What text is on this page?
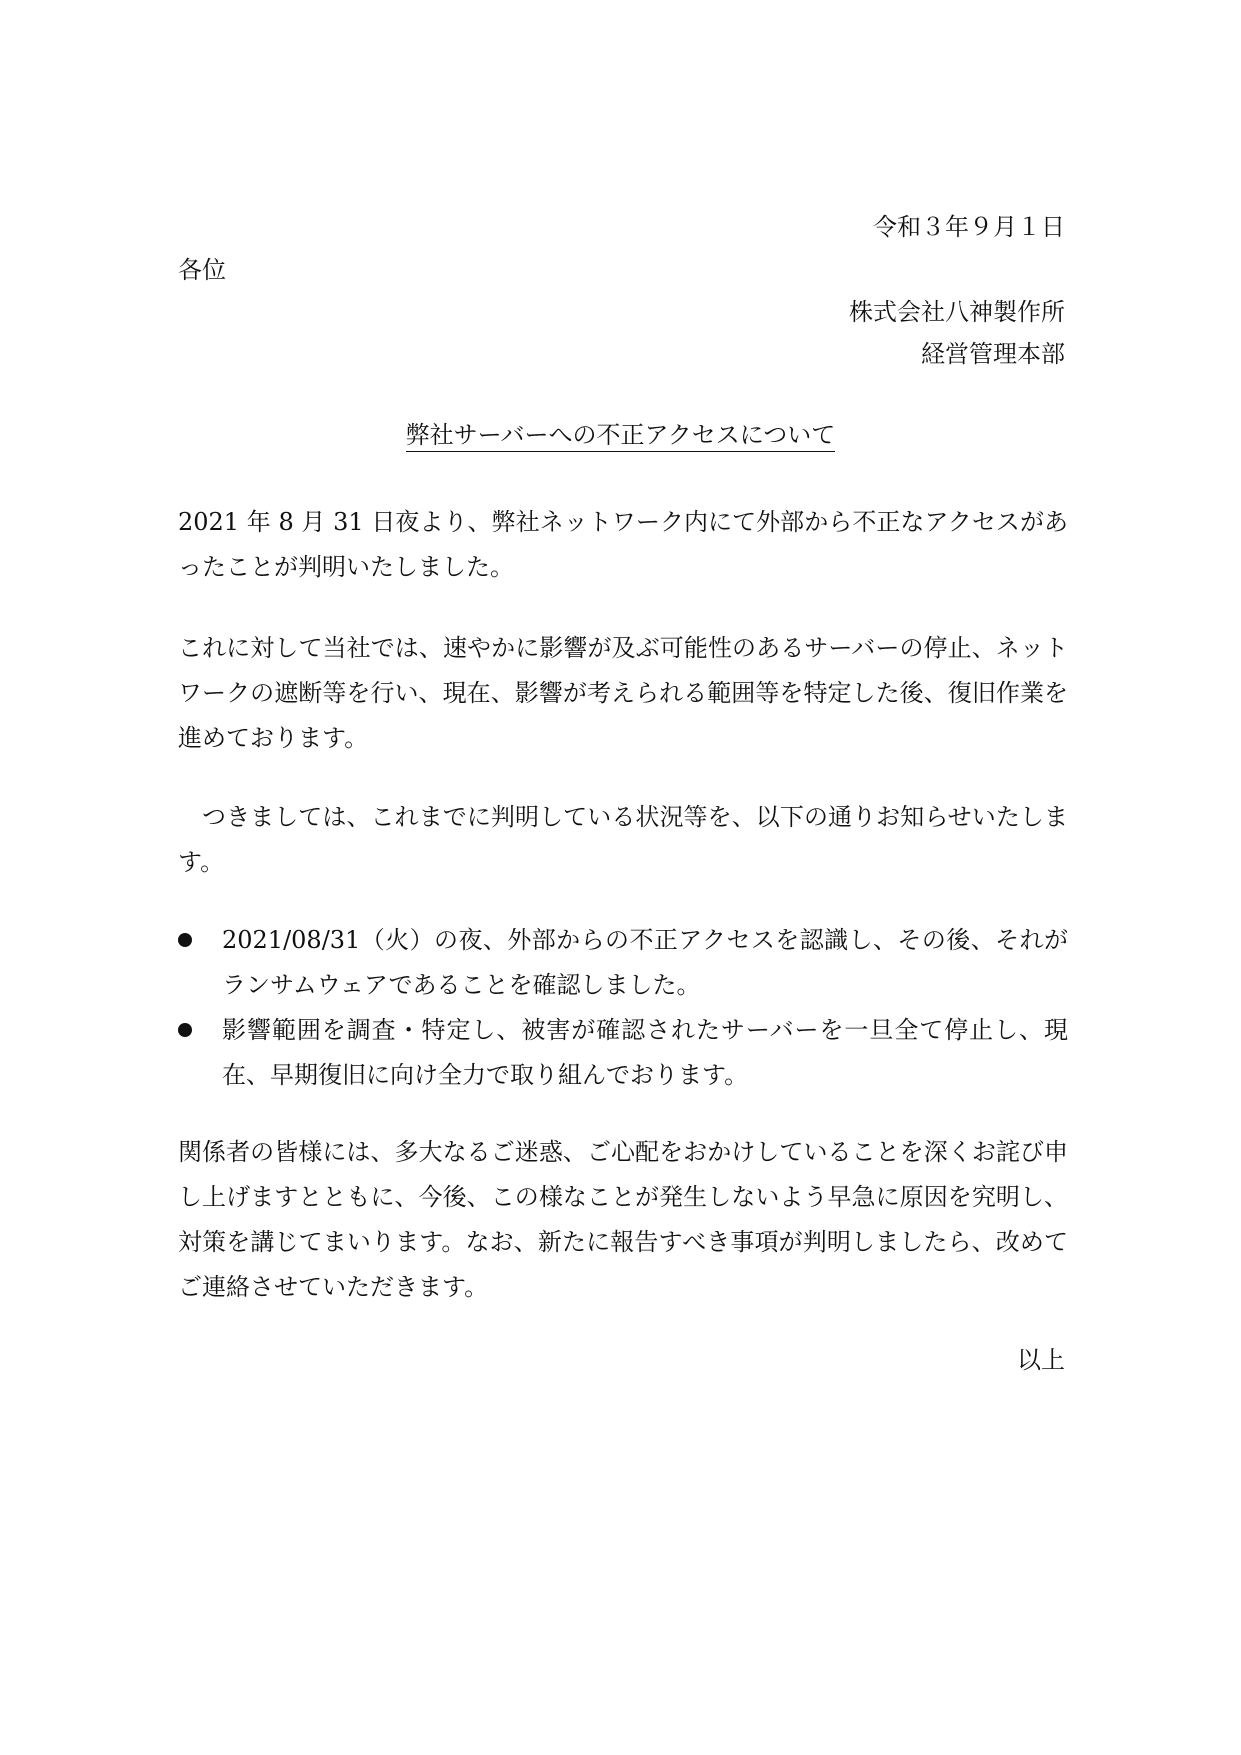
令和３年９月１日
各位
株式会社八神製作所
経営管理本部
弊社サーバーへの不正アクセスについて
2021 年 8 月 31 日夜より、弊社ネットワーク内にて外部から不正なアクセスがあったことが判明いたしました。
これに対して当社では、速やかに影響が及ぶ可能性のあるサーバーの停止、ネットワークの遮断等を行い、現在、影響が考えられる範囲等を特定した後、復旧作業を進めております。
つきましては、これまでに判明している状況等を、以下の通りお知らせいたします。
2021/08/31（火）の夜、外部からの不正アクセスを認識し、その後、それがランサムウェアであることを確認しました。
影響範囲を調査・特定し、被害が確認されたサーバーを一旦全て停止し、現在、早期復旧に向け全力で取り組んでおります。
関係者の皆様には、多大なるご迷惑、ご心配をおかけしていることを深くお詫び申し上げますとともに、今後、この様なことが発生しないよう早急に原因を究明し、対策を講じてまいります。なお、新たに報告すべき事項が判明しましたら、改めてご連絡させていただきます。
以上
